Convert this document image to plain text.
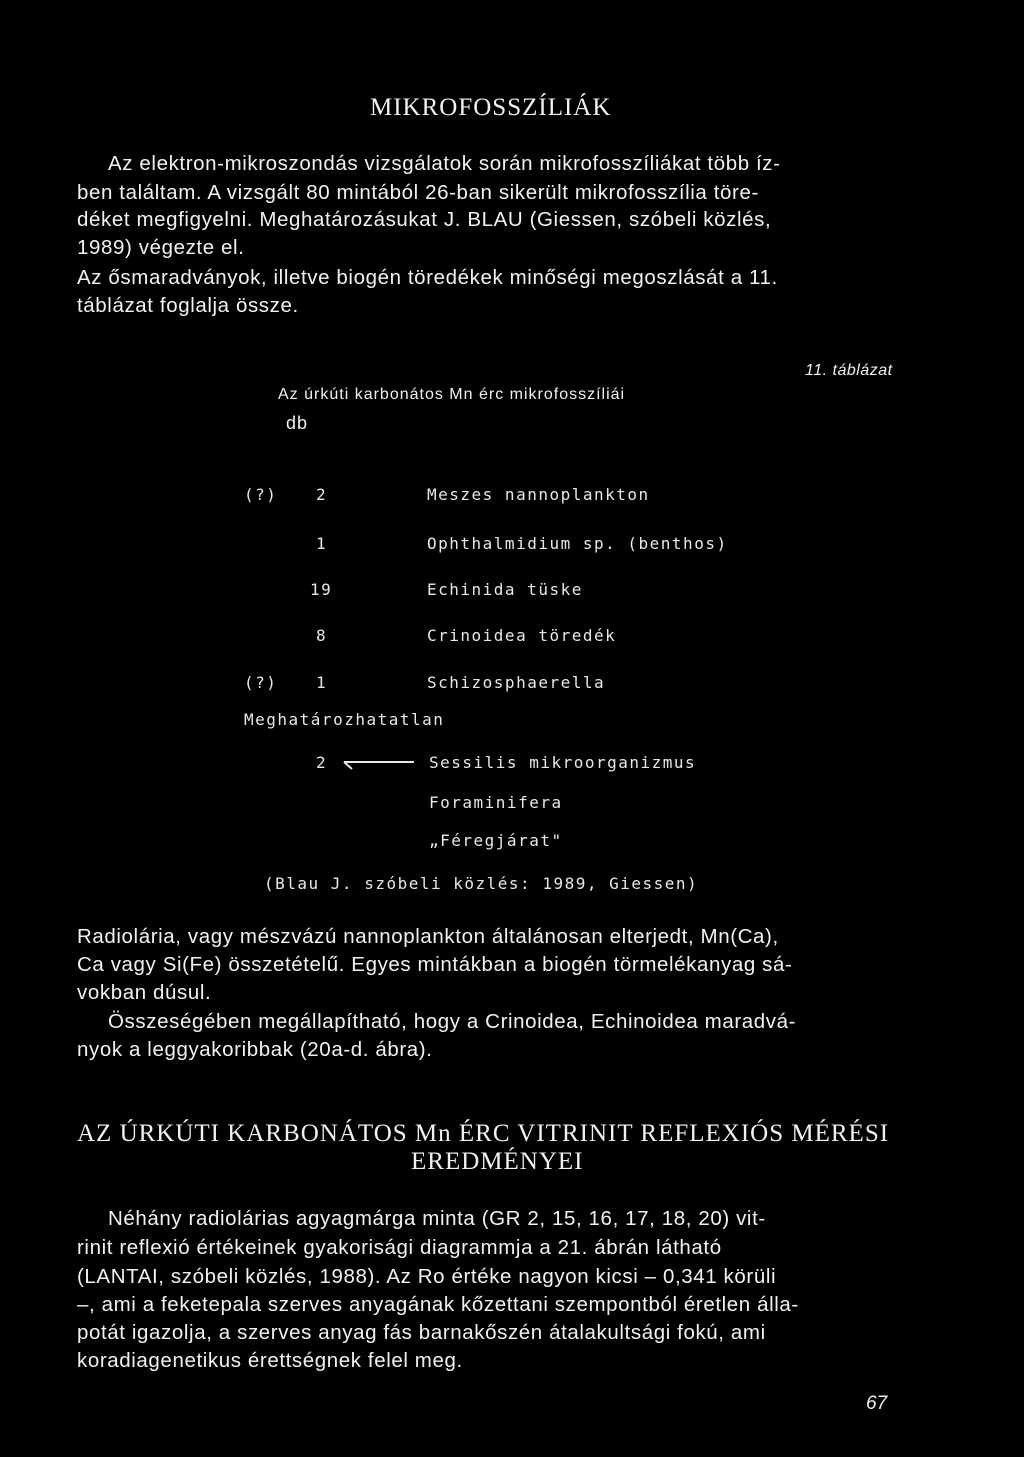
MIKROFOSSZÍLIÁK
Az elektron-mikroszondás vizsgálatok során mikrofosszíliákat több íz-
ben találtam. A vizsgált 80 mintából 26-ban sikerült mikrofosszília töre-
déket megfigyelni. Meghatározásukat J. BLAU (Giessen, szóbeli közlés,
1989) végezte el.
Az ősmaradványok, illetve biogén töredékek minőségi megoszlását a 11.
táblázat foglalja össze.
11. táblázat
Az úrkúti karbonátos Mn érc mikrofosszíliái
db
(?) 2	Meszes nannoplankton
1	Ophthalmidium sp. (benthos)
19	Echinida tüske
8	Crinoidea töredék
(?) 1	Schizosphaerella
Meghatározhatatlan
2	Sessilis mikroorganizmus
Foraminifera
„Féregjárat"
(Blau J. szóbeli közlés: 1989, Giessen)
Radiolária, vagy mészvázú nannoplankton általánosan elterjedt, Mn(Ca),
Ca vagy Si(Fe) összetételű. Egyes mintákban a biogén törmelékanyag sá-
vokban dúsul.
Összeségében megállapítható, hogy a Crinoidea, Echinoidea maradvá-
nyok a leggyakoribbak (20a-d. ábra).
AZ ÚRKÚTI KARBONÁTOS Mn ÉRC VITRINIT REFLEXIÓS MÉRÉSI
EREDMÉNYEI
Néhány radiolárias agyagmárga minta (GR 2, 15, 16, 17, 18, 20) vit-
rinit reflexió értékeinek gyakorisági diagrammja a 21. ábrán látható
(LANTAI, szóbeli közlés, 1988). Az Ro értéke nagyon kicsi – 0,341 körüli
–, ami a feketepala szerves anyagának kőzettani szempontból éretlen álla-
potát igazolja, a szerves anyag fás barnakőszén átalakultsági fokú, ami
koradiagenetikus érettségnek felel meg.
67
